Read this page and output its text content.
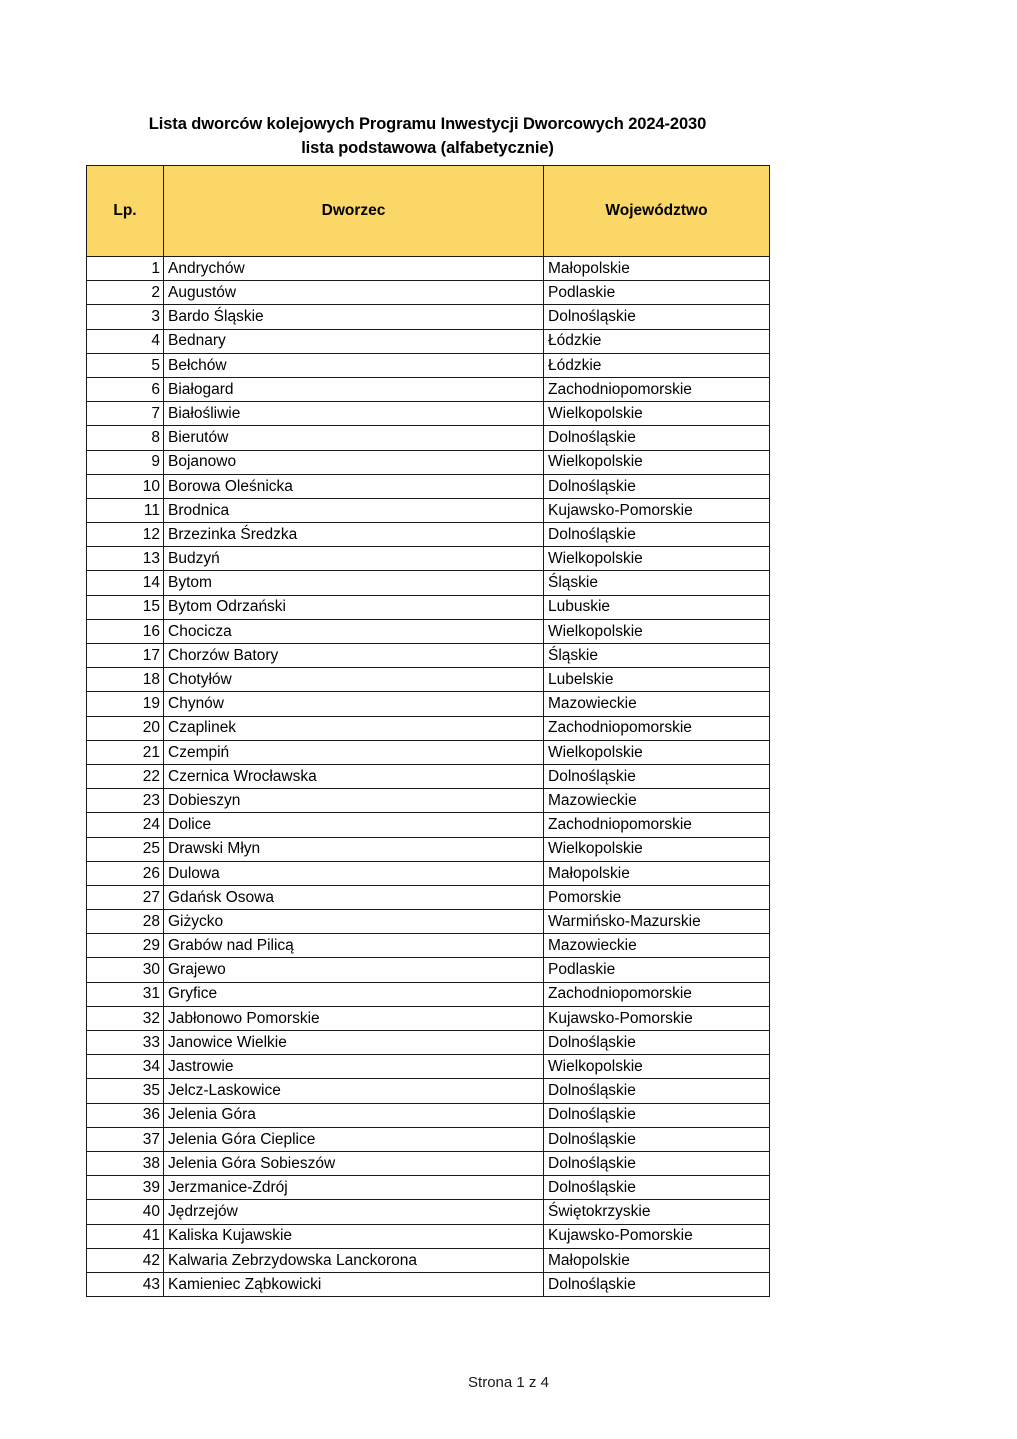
Lista dworców kolejowych Programu Inwestycji Dworcowych 2024-2030
lista podstawowa (alfabetycznie)
Lp.	Dworzec	Województwo
1	Andrychów	Małopolskie
2	Augustów	Podlaskie
3	Bardo Śląskie	Dolnośląskie
4	Bednary	Łódzkie
5	Bełchów	Łódzkie
6	Białogard	Zachodniopomorskie
7	Białośliwie	Wielkopolskie
8	Bierutów	Dolnośląskie
9	Bojanowo	Wielkopolskie
10	Borowa Oleśnicka	Dolnośląskie
11	Brodnica	Kujawsko-Pomorskie
12	Brzezinka Średzka	Dolnośląskie
13	Budzyń	Wielkopolskie
14	Bytom	Śląskie
15	Bytom Odrzański	Lubuskie
16	Chocicza	Wielkopolskie
17	Chorzów Batory	Śląskie
18	Chotyłów	Lubelskie
19	Chynów	Mazowieckie
20	Czaplinek	Zachodniopomorskie
21	Czempiń	Wielkopolskie
22	Czernica Wrocławska	Dolnośląskie
23	Dobieszyn	Mazowieckie
24	Dolice	Zachodniopomorskie
25	Drawski Młyn	Wielkopolskie
26	Dulowa	Małopolskie
27	Gdańsk Osowa	Pomorskie
28	Giżycko	Warmińsko-Mazurskie
29	Grabów nad Pilicą	Mazowieckie
30	Grajewo	Podlaskie
31	Gryfice	Zachodniopomorskie
32	Jabłonowo Pomorskie	Kujawsko-Pomorskie
33	Janowice Wielkie	Dolnośląskie
34	Jastrowie	Wielkopolskie
35	Jelcz-Laskowice	Dolnośląskie
36	Jelenia Góra	Dolnośląskie
37	Jelenia Góra Cieplice	Dolnośląskie
38	Jelenia Góra Sobieszów	Dolnośląskie
39	Jerzmanice-Zdrój	Dolnośląskie
40	Jędrzejów	Świętokrzyskie
41	Kaliska Kujawskie	Kujawsko-Pomorskie
42	Kalwaria Zebrzydowska Lanckorona	Małopolskie
43	Kamieniec Ząbkowicki	Dolnośląskie
Strona 1 z 4
